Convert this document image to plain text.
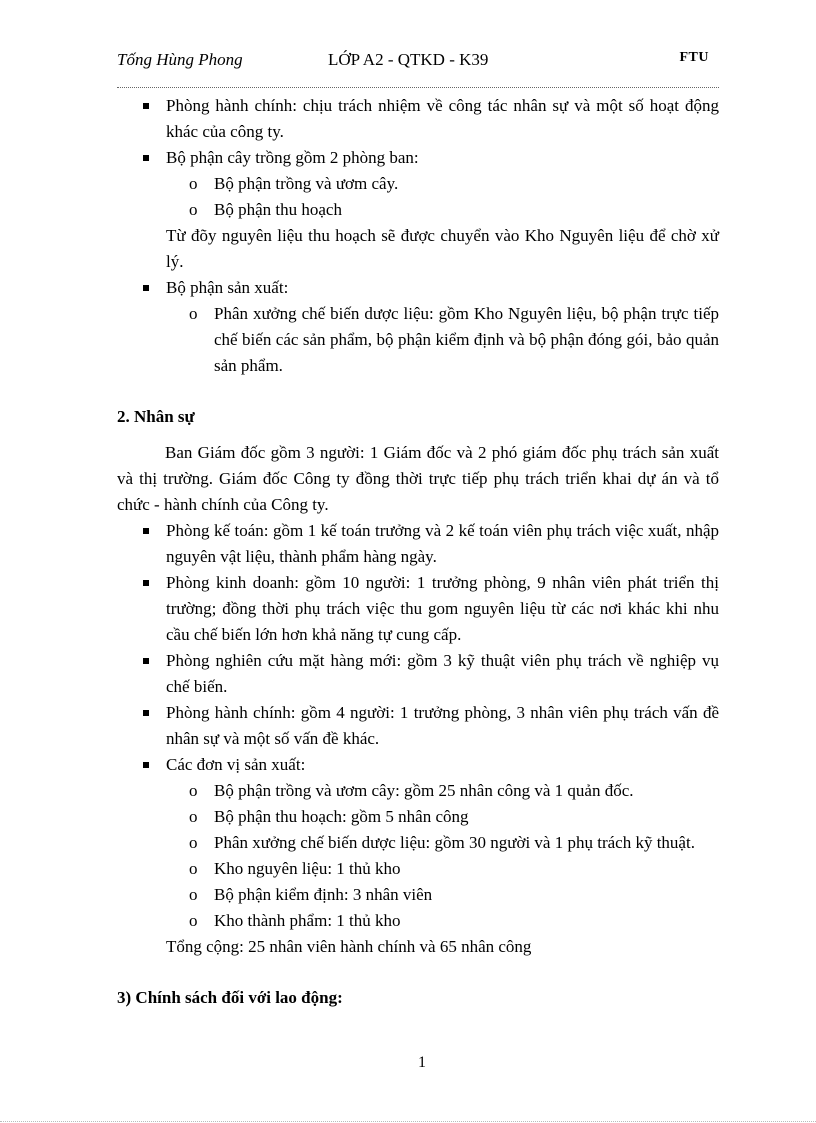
Tống Hùng Phong	LỚP A2 - QTKD - K39	FTU
Phòng hành chính: chịu trách nhiệm về công tác nhân sự và một số hoạt động khác của công ty.
Bộ phận cây trồng gồm 2 phòng ban:
o Bộ phận trồng và ươm cây.
o Bộ phận thu hoạch
Từ đõy nguyên liệu thu hoạch sẽ được chuyển vào Kho Nguyên liệu để chờ xử lý.
Bộ phận sản xuất:
o Phân xưởng chế biến dược liệu: gồm Kho Nguyên liệu, bộ phận trực tiếp chế biến các sản phẩm, bộ phận kiểm định và bộ phận đóng gói, bảo quản sản phẩm.
2. Nhân sự
Ban Giám đốc gồm 3 người: 1 Giám đốc và 2 phó giám đốc phụ trách sản xuất và thị trường. Giám đốc Công ty đồng thời trực tiếp phụ trách triển khai dự án và tổ chức - hành chính của Công ty.
Phòng kế toán: gồm 1 kế toán trưởng và 2 kế toán viên phụ trách việc xuất, nhập nguyên vật liệu, thành phẩm hàng ngày.
Phòng kinh doanh: gồm 10 người: 1 trưởng phòng, 9 nhân viên phát triển thị trường; đồng thời phụ trách việc thu gom nguyên liệu từ các nơi khác khi nhu cầu chế biến lớn hơn khả năng tự cung cấp.
Phòng nghiên cứu mặt hàng mới: gồm 3 kỹ thuật viên phụ trách về nghiệp vụ chế biến.
Phòng hành chính: gồm 4 người: 1 trưởng phòng, 3 nhân viên phụ trách vấn đề nhân sự và một số vấn đề khác.
Các đơn vị sản xuất:
o Bộ phận trồng và ươm cây: gồm 25 nhân công và 1 quản đốc.
o Bộ phận thu hoạch: gồm 5 nhân công
o Phân xưởng chế biến dược liệu: gồm 30 người và 1 phụ trách kỹ thuật.
o Kho nguyên liệu: 1 thủ kho
o Bộ phận kiểm định: 3 nhân viên
o Kho thành phẩm: 1 thủ kho
Tổng cộng: 25 nhân viên hành chính và 65 nhân công
3) Chính sách đối với lao động:
1
